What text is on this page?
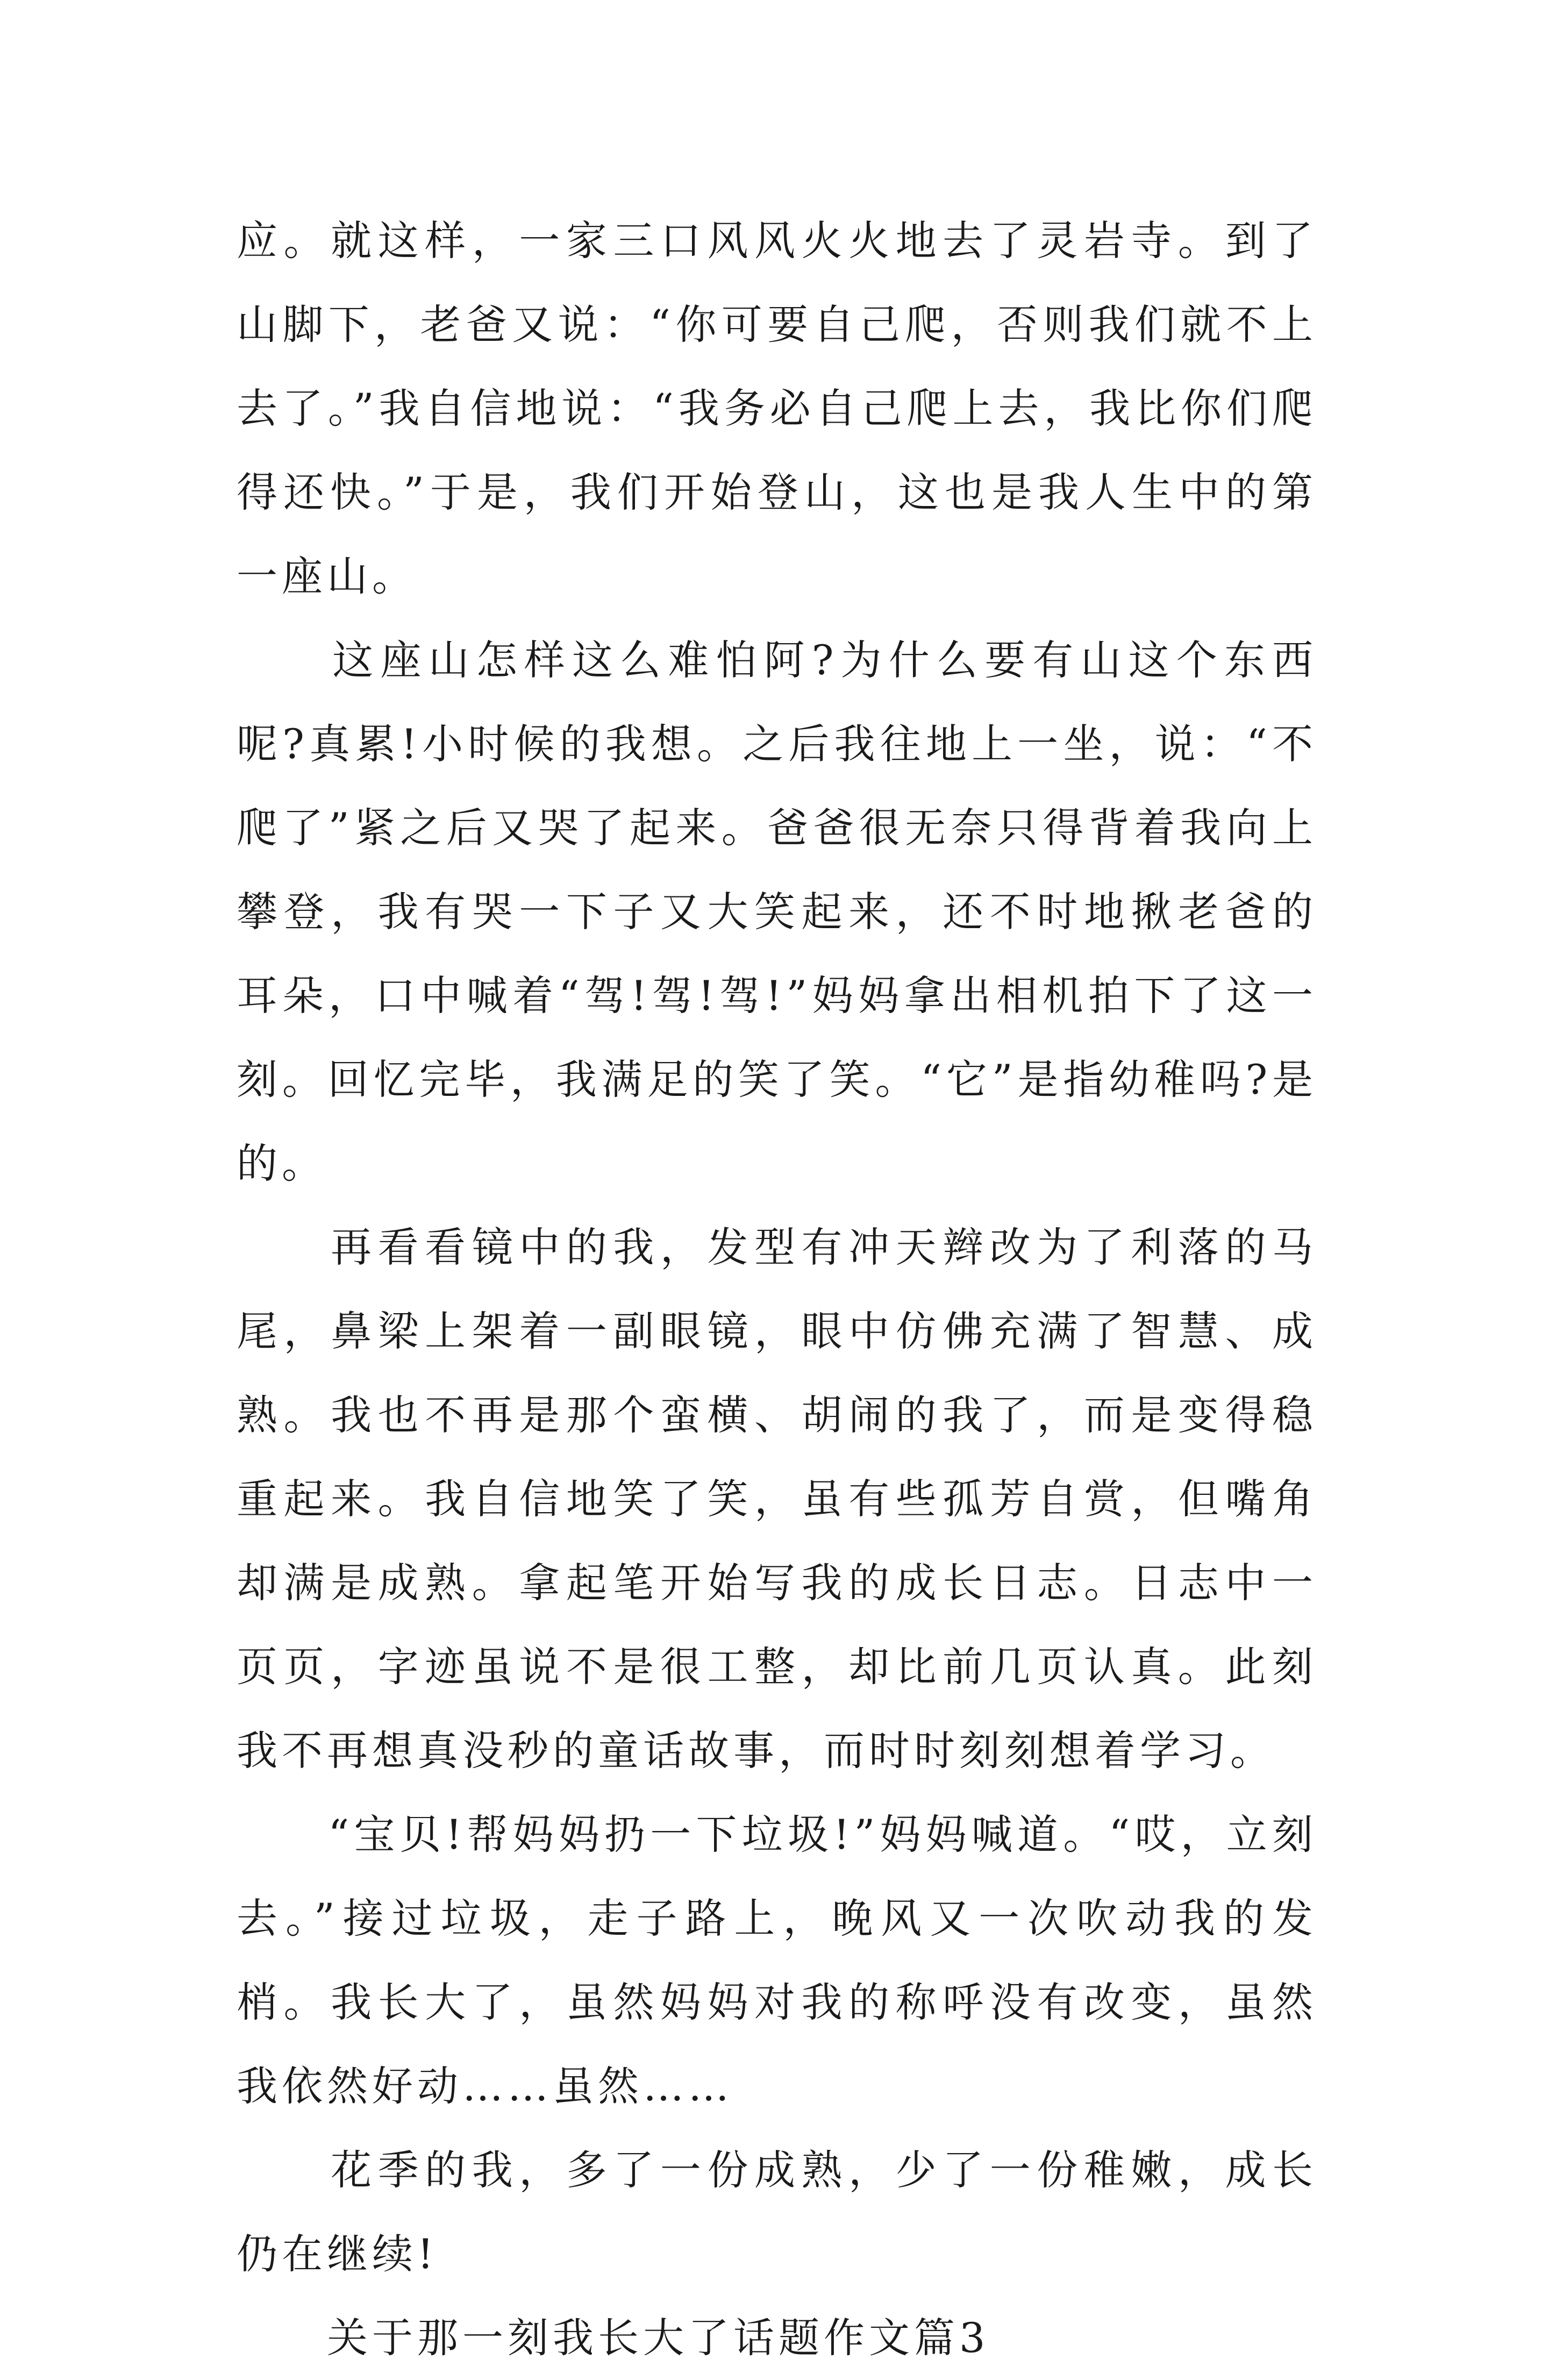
应。就这样，一家三口风风火火地去了灵岩寺。到了山脚下，老爸又说：“你可要自己爬，否则我们就不上去了。”我自信地说：“我务必自己爬上去，我比你们爬得还快。”于是，我们开始登山，这也是我人生中的第一座山。

　　这座山怎样这么难怕阿?为什么要有山这个东西呢?真累!小时候的我想。之后我往地上一坐，说：“不爬了”紧之后又哭了起来。爸爸很无奈只得背着我向上攀登，我有哭一下子又大笑起来，还不时地揪老爸的耳朵，口中喊着“驾!驾!驾!”妈妈拿出相机拍下了这一刻。回忆完毕，我满足的笑了笑。“它”是指幼稚吗?是的。

　　再看看镜中的我，发型有冲天辫改为了利落的马尾，鼻梁上架着一副眼镜，眼中仿佛充满了智慧、成熟。我也不再是那个蛮横、胡闹的我了，而是变得稳重起来。我自信地笑了笑，虽有些孤芳自赏，但嘴角却满是成熟。拿起笔开始写我的成长日志。日志中一页页，字迹虽说不是很工整，却比前几页认真。此刻我不再想真没秒的童话故事，而时时刻刻想着学习。

　　“宝贝!帮妈妈扔一下垃圾!”妈妈喊道。“哎，立刻去。”接过垃圾，走子路上，晚风又一次吹动我的发梢。我长大了，虽然妈妈对我的称呼没有改变，虽然我依然好动……虽然……

　　花季的我，多了一份成熟，少了一份稚嫩，成长仍在继续!

　　关于那一刻我长大了话题作文篇3
